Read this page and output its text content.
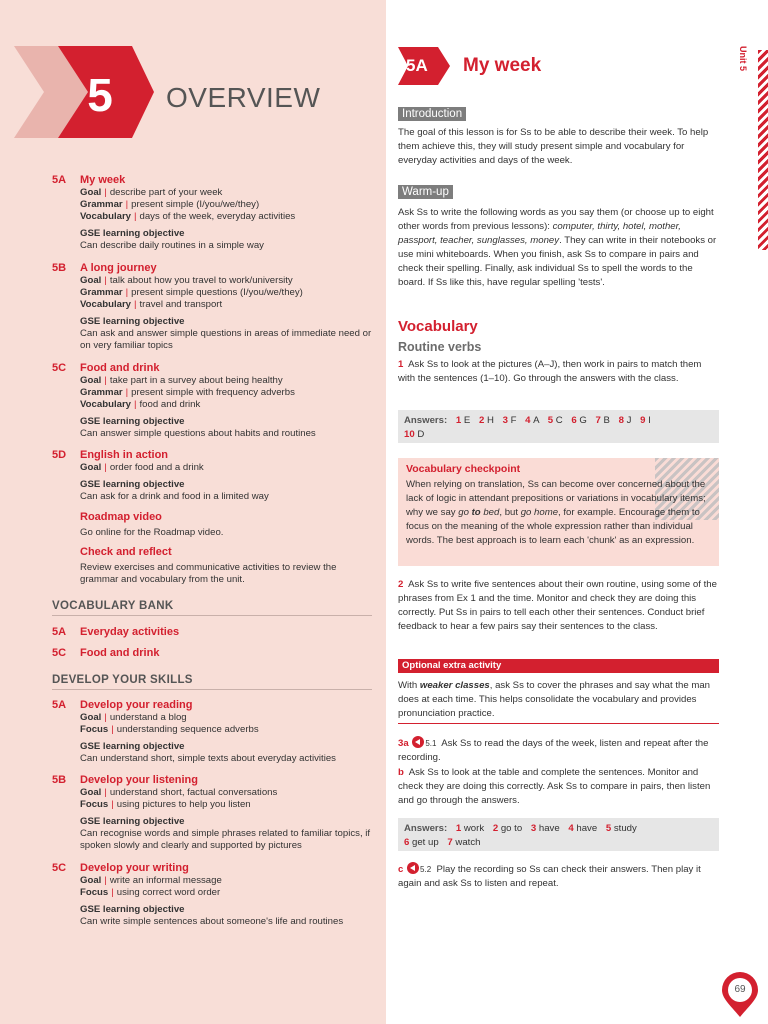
5	OVERVIEW
5A My week
Goal | describe part of your week
Grammar | present simple (I/you/we/they)
Vocabulary | days of the week, everyday activities
GSE learning objective
Can describe daily routines in a simple way
5B A long journey
Goal | talk about how you travel to work/university
Grammar | present simple questions (I/you/we/they)
Vocabulary | travel and transport
GSE learning objective
Can ask and answer simple questions in areas of immediate need or on very familiar topics
5C Food and drink
Goal | take part in a survey about being healthy
Grammar | present simple with frequency adverbs
Vocabulary | food and drink
GSE learning objective
Can answer simple questions about habits and routines
5D English in action
Goal | order food and a drink
GSE learning objective
Can ask for a drink and food in a limited way
Roadmap video
Go online for the Roadmap video.
Check and reflect
Review exercises and communicative activities to review the grammar and vocabulary from the unit.
VOCABULARY BANK
5A Everyday activities
5C Food and drink
DEVELOP YOUR SKILLS
5A Develop your reading
Goal | understand a blog
Focus | understanding sequence adverbs
GSE learning objective
Can understand short, simple texts about everyday activities
5B Develop your listening
Goal | understand short, factual conversations
Focus | using pictures to help you listen
GSE learning objective
Can recognise words and simple phrases related to familiar topics, if spoken slowly and clearly and supported by pictures
5C Develop your writing
Goal | write an informal message
Focus | using correct word order
GSE learning objective
Can write simple sentences about someone's life and routines
5A My week	Unit 5
Introduction
The goal of this lesson is for Ss to be able to describe their week. To help them achieve this, they will study present simple and vocabulary for everyday activities and days of the week.
Warm-up
Ask Ss to write the following words as you say them (or choose up to eight other words from previous lessons): computer, thirty, hotel, mother, passport, teacher, sunglasses, money. They can write in their notebooks or use mini whiteboards. When you finish, ask Ss to compare in pairs and check their spelling. Finally, ask individual Ss to spell the words to the board. If Ss like this, have regular spelling 'tests'.
Vocabulary
Routine verbs
1 Ask Ss to look at the pictures (A–J), then work in pairs to match them with the sentences (1–10). Go through the answers with the class.
Answers: 1 E 2 H 3 F 4 A 5 C 6 G 7 B 8 J 9 I
10 D
Vocabulary checkpoint
When relying on translation, Ss can become over concerned about the lack of logic in attendant prepositions or variations in vocabulary items; why we say go to bed, but go home, for example. Encourage them to focus on the meaning of the whole expression rather than individual words. The best approach is to learn each 'chunk' as an expression.
2 Ask Ss to write five sentences about their own routine, using some of the phrases from Ex 1 and the time. Monitor and check they are doing this correctly. Put Ss in pairs to tell each other their sentences. Conduct brief feedback to hear a few pairs say their sentences to the class.
Optional extra activity
With weaker classes, ask Ss to cover the phrases and say what the man does at each time. This helps consolidate the vocabulary and provides pronunciation practice.
3a 5.1 Ask Ss to read the days of the week, listen and repeat after the recording.
b Ask Ss to look at the table and complete the sentences. Monitor and check they are doing this correctly. Ask Ss to compare in pairs, then listen and go through the answers.
Answers: 1 work 2 go to 3 have 4 have 5 study
6 get up 7 watch
c 5.2 Play the recording so Ss can check their answers. Then play it again and ask Ss to listen and repeat.
69
